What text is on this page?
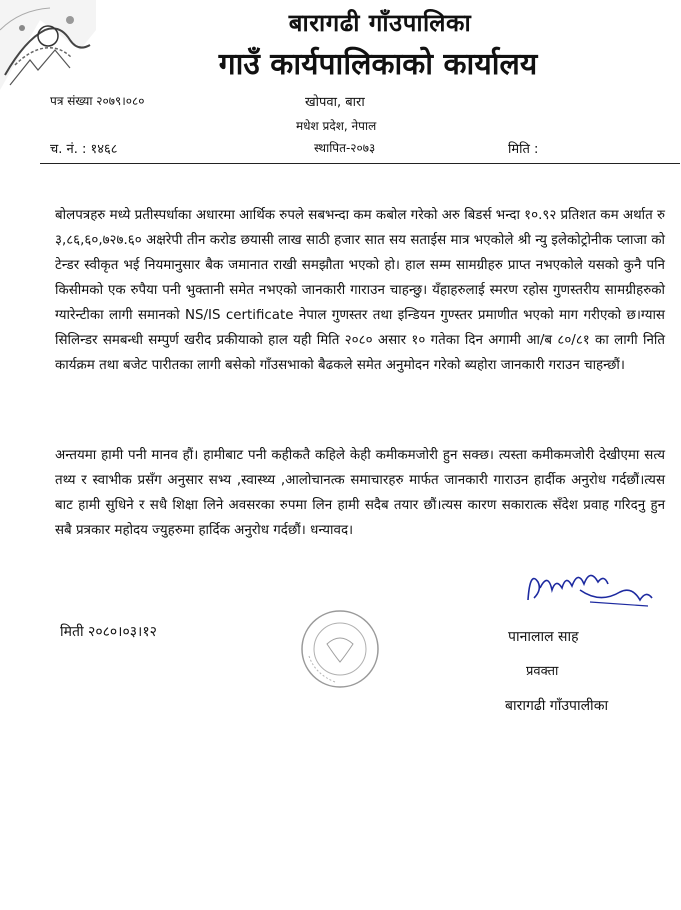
बारागढी गाँउपालिका
गाउँ कार्यपालिकाको कार्यालय
पत्र संख्या २०७९।०८०	खोपवा, बारा
मधेश प्रदेश, नेपाल
च. नं. : १४६८	स्थापित-२०७३	मिति :
बोलपत्रहरु मध्ये प्रतीस्पर्धाका अधारमा आर्थिक रुपले सबभन्दा कम कबोल गरेको अरु बिडर्स भन्दा १०.९२ प्रतिशत कम अर्थात रु ३,८६,६०,७२७.६० अक्षरेपी तीन करोड छयासी लाख साठी हजार सात सय सताईस मात्र भएकोले श्री न्यु इलेकोट्रोनीक प्लाजा को टेन्डर स्वीकृत भई नियमानुसार बैक जमानात राखी समझौता भएको हो। हाल सम्म सामग्रीहरु प्राप्त नभएकोले यसको कुनै पनि किसीमको एक रुपैया पनी भुक्तानी समेत नभएको जानकारी गाराउन चाहन्छु। यँहाहरुलाई स्मरण रहोस गुणस्तरीय सामग्रीहरुको ग्यारेन्टीका लागी समानको NS/IS certificate नेपाल गुणस्तर तथा इन्डियन गुण्स्तर प्रमाणीत भएको माग गरीएको छ।ग्यास सिलिन्डर समबन्धी सम्पुर्ण खरीद प्रकीयाको हाल यही मिति २०८० असार १० गतेका दिन अगामी आ/ब ८०/८१ का लागी निति कार्यक्रम तथा बजेट पारीतका लागी बसेको गाँउसभाको बैढकले समेत अनुमोदन गरेको ब्यहोरा जानकारी गराउन चाहन्छौं।
अन्तयमा हामी पनी मानव हौं। हामीबाट पनी कहीकतै कहिले केही कमीकमजोरी हुन सक्छ। त्यस्ता कमीकमजोरी देखीएमा सत्य तथ्य र स्वाभीक प्रसँग अनुसार सभ्य ,स्वास्थ्य ,आलोचानत्क समाचारहरु मार्फत जानकारी गाराउन हार्दीक अनुरोध गर्दछौं।त्यस बाट हामी सुधिने र सधै शिक्षा लिने अवसरका रुपमा लिन हामी सदैब तयार छौं।त्यस कारण सकारात्क सँदेश प्रवाह गरिदनु हुन सबै प्रत्रकार महोदय ज्युहरुमा हार्दिक अनुरोध गर्दछौं। धन्यावद।
मिती २०८०।०३।१२	पानालाल साह
प्रवक्ता
बारागढी गाँउपालीका
